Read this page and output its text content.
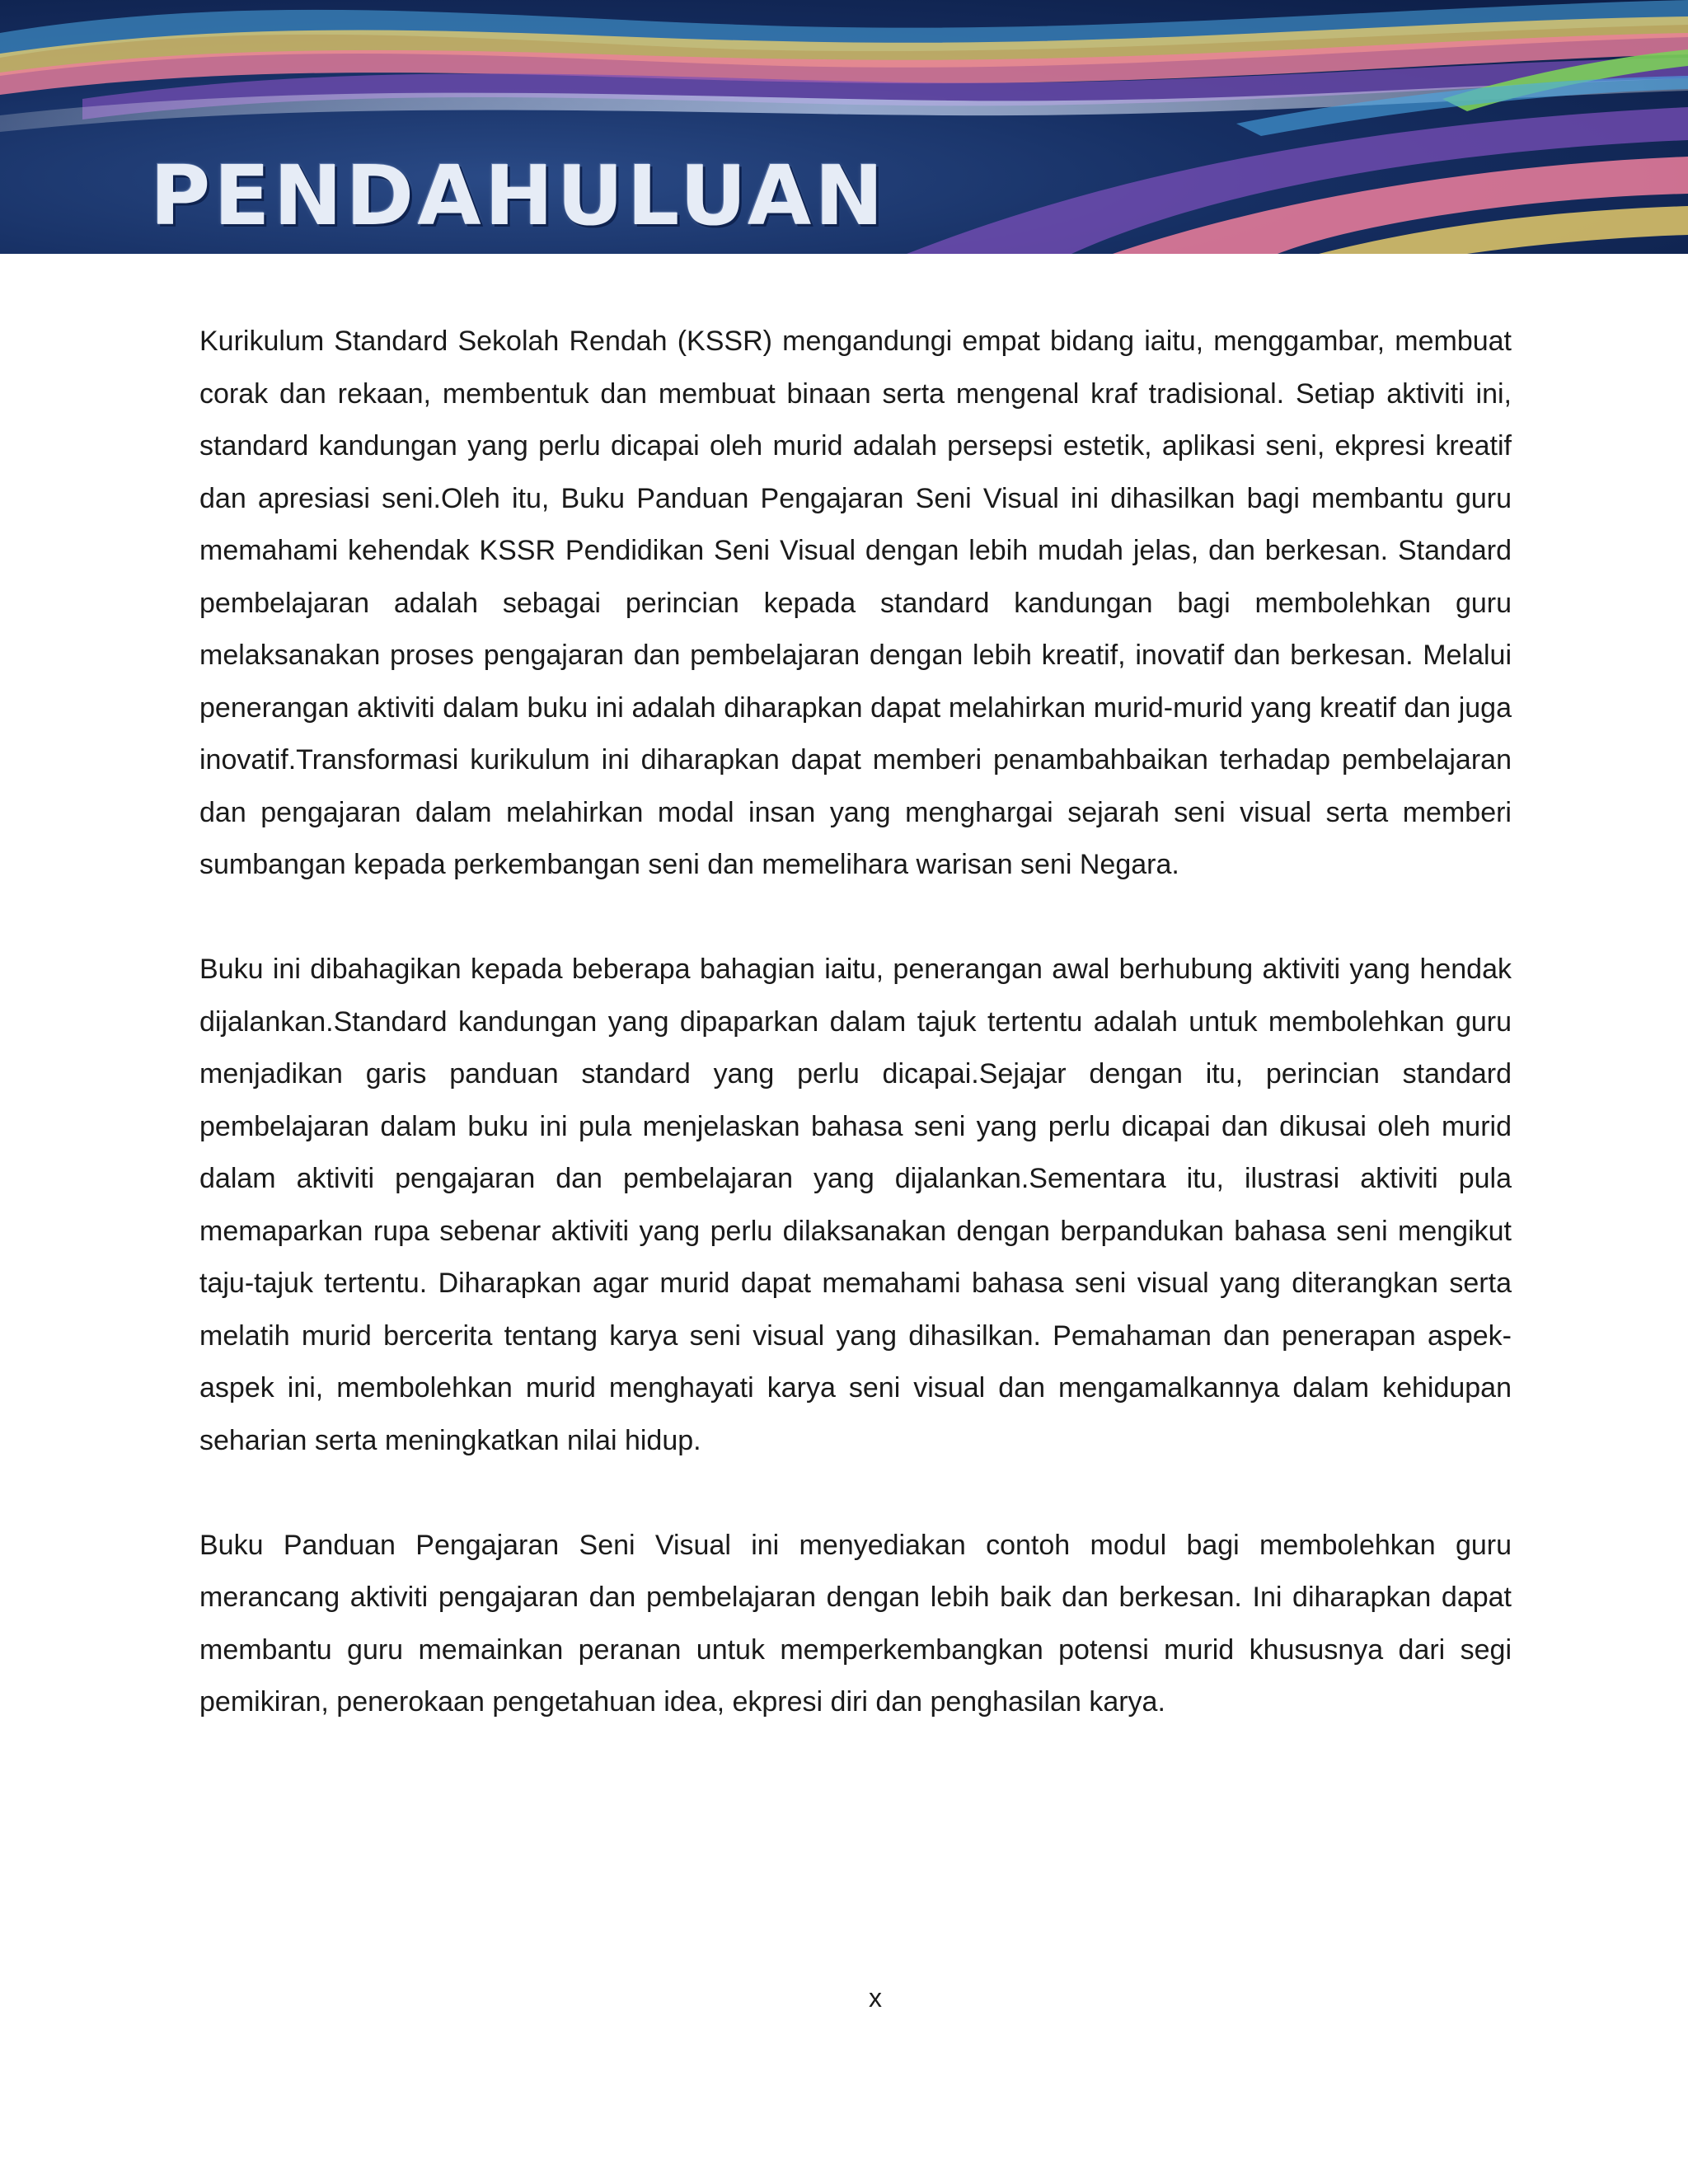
PENDAHULUAN

Kurikulum Standard Sekolah Rendah (KSSR) mengandungi empat bidang iaitu, menggambar, membuat corak dan rekaan, membentuk dan membuat binaan serta mengenal kraf tradisional. Setiap aktiviti ini, standard kandungan yang perlu dicapai oleh murid adalah persepsi estetik, aplikasi seni, ekpresi kreatif dan apresiasi seni.Oleh itu, Buku Panduan Pengajaran Seni Visual ini dihasilkan bagi membantu guru memahami kehendak KSSR Pendidikan Seni Visual dengan lebih mudah jelas, dan berkesan. Standard pembelajaran adalah sebagai perincian kepada standard kandungan bagi membolehkan guru melaksanakan proses pengajaran dan pembelajaran dengan lebih kreatif, inovatif dan berkesan. Melalui penerangan aktiviti dalam buku ini adalah diharapkan dapat melahirkan murid-murid yang kreatif dan juga inovatif.Transformasi kurikulum ini diharapkan dapat memberi penambahbaikan terhadap pembelajaran dan pengajaran dalam melahirkan modal insan yang menghargai sejarah seni visual serta memberi sumbangan kepada perkembangan seni dan memelihara warisan seni Negara.

Buku ini dibahagikan kepada beberapa bahagian iaitu, penerangan awal berhubung aktiviti yang hendak dijalankan.Standard kandungan yang dipaparkan dalam tajuk tertentu adalah untuk membolehkan guru menjadikan garis panduan standard yang perlu dicapai.Sejajar dengan itu, perincian standard pembelajaran dalam buku ini pula menjelaskan bahasa seni yang perlu dicapai dan dikusai oleh murid dalam aktiviti pengajaran dan pembelajaran yang dijalankan.Sementara itu, ilustrasi aktiviti pula memaparkan rupa sebenar aktiviti yang perlu dilaksanakan dengan berpandukan bahasa seni mengikut taju-tajuk tertentu. Diharapkan agar murid dapat memahami bahasa seni visual yang diterangkan serta melatih murid bercerita tentang karya seni visual yang dihasilkan. Pemahaman dan penerapan aspek-aspek ini, membolehkan murid menghayati karya seni visual dan mengamalkannya dalam kehidupan seharian serta meningkatkan nilai hidup.

Buku Panduan Pengajaran Seni Visual ini menyediakan contoh modul bagi membolehkan guru merancang aktiviti pengajaran dan pembelajaran dengan lebih baik dan berkesan. Ini diharapkan dapat membantu guru memainkan peranan untuk memperkembangkan potensi murid khususnya dari segi pemikiran, penerokaan pengetahuan idea, ekpresi diri dan penghasilan karya.

x
